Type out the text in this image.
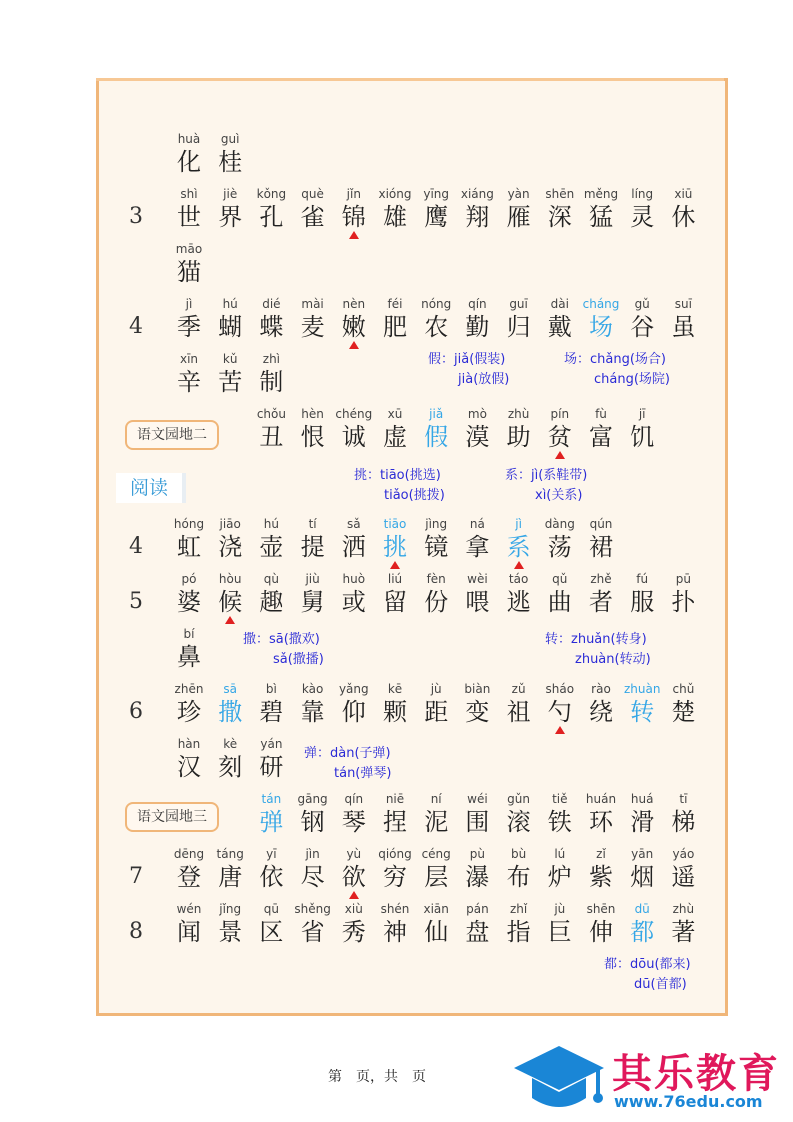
huà
化
guì
桂
3
shì
世
jiè
界
kǒng
孔
què
雀
jǐn
锦
xióng
雄
yīng
鹰
xiáng
翔
yàn
雁
shēn
深
měng
猛
líng
灵
xiū
休
māo
猫
4
jì
季
hú
蝴
dié
蝶
mài
麦
nèn
嫩
féi
肥
nóng
农
qín
勤
guī
归
dài
戴
cháng
场
gǔ
谷
suī
虽
xīn
辛
kǔ
苦
zhì
制
chǒu
丑
hèn
恨
chéng
诚
xū
虚
jiǎ
假
mò
漠
zhù
助
pín
贫
fù
富
jī
饥
4
hóng
虹
jiāo
浇
hú
壶
tí
提
sǎ
洒
tiāo
挑
jìng
镜
ná
拿
jì
系
dàng
荡
qún
裙
5
pó
婆
hòu
候
qù
趣
jiù
舅
huò
或
liú
留
fèn
份
wèi
喂
táo
逃
qǔ
曲
zhě
者
fú
服
pū
扑
bí
鼻
6
zhēn
珍
sā
撒
bì
碧
kào
靠
yǎng
仰
kē
颗
jù
距
biàn
变
zǔ
祖
sháo
勺
rào
绕
zhuàn
转
chǔ
楚
hàn
汉
kè
刻
yán
研
tán
弹
gāng
钢
qín
琴
niē
捏
ní
泥
wéi
围
gǔn
滚
tiě
铁
huán
环
huá
滑
tī
梯
7
dēng
登
táng
唐
yī
依
jìn
尽
yù
欲
qióng
穷
céng
层
pù
瀑
bù
布
lú
炉
zǐ
紫
yān
烟
yáo
遥
8
wén
闻
jǐng
景
qū
区
shěng
省
xiù
秀
shén
神
xiān
仙
pán
盘
zhǐ
指
jù
巨
shēn
伸
dū
都
zhù
著
语文园地二
阅读
语文园地三
假：jiǎ(假装)
jià(放假)
场：chǎng(场合)
cháng(场院)
挑：tiāo(挑选)
tiǎo(挑拨)
系：jì(系鞋带)
xì(关系)
撒：sā(撒欢)
sǎ(撒播)
转：zhuǎn(转身)
zhuàn(转动)
弹：dàn(子弹)
tán(弹琴)
都：dōu(都来)
dū(首都)
第　页，共　页	其乐教育
www.76edu.com
